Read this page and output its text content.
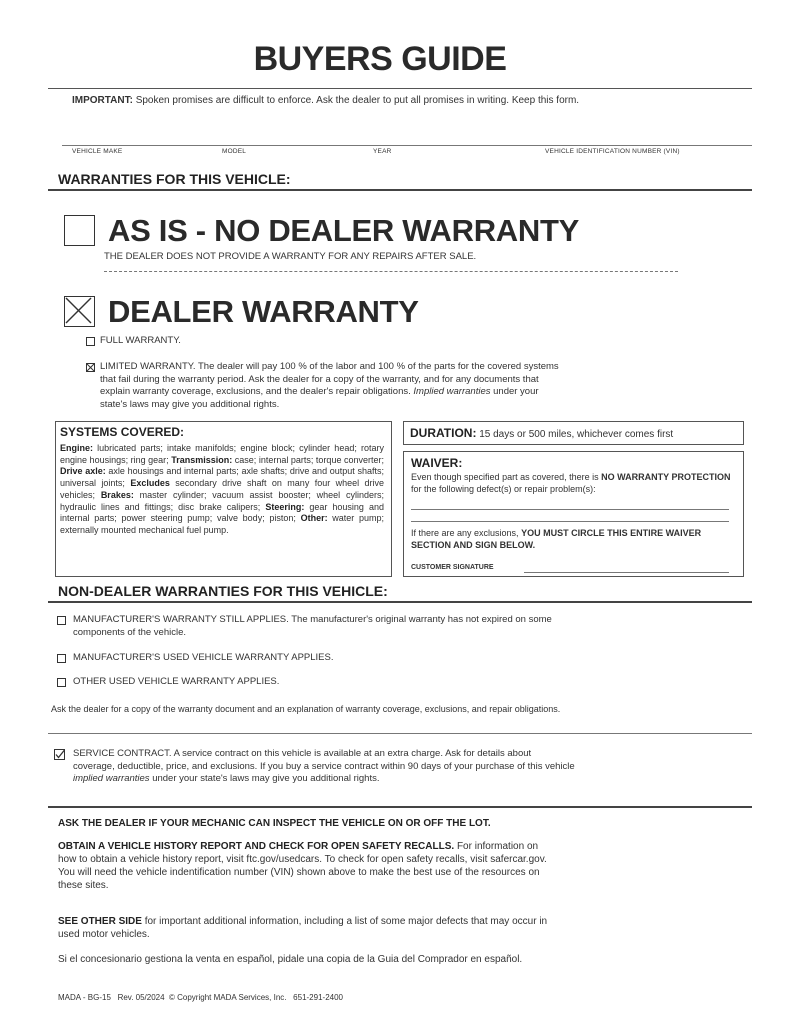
BUYERS GUIDE
IMPORTANT: Spoken promises are difficult to enforce. Ask the dealer to put all promises in writing. Keep this form.
VEHICLE MAKE	MODEL	YEAR	VEHICLE IDENTIFICATION NUMBER (VIN)
WARRANTIES FOR THIS VEHICLE:
AS IS - NO DEALER WARRANTY
THE DEALER DOES NOT PROVIDE A WARRANTY FOR ANY REPAIRS AFTER SALE.
DEALER WARRANTY
FULL WARRANTY.
LIMITED WARRANTY. The dealer will pay 100 % of the labor and 100 % of the parts for the covered systems
that fail during the warranty period. Ask the dealer for a copy of the warranty, and for any documents that
explain warranty coverage, exclusions, and the dealer's repair obligations. Implied warranties under your
state's laws may give you additional rights.
SYSTEMS COVERED:
Engine: lubricated parts; intake manifolds; engine block; cylinder head; rotary engine housings; ring gear; Transmission: case; internal parts; torque converter; Drive axle: axle housings and internal parts; axle shafts; drive and output shafts; universal joints; Excludes secondary drive shaft on many four wheel drive vehicles; Brakes: master cylinder; vacuum assist booster; wheel cylinders; hydraulic lines and fittings; disc brake calipers; Steering: gear housing and internal parts; power steering pump; valve body; piston; Other: water pump; externally mounted mechanical fuel pump.
DURATION: 15 days or 500 miles, whichever comes first
WAIVER:
Even though specified part as covered, there is NO WARRANTY PROTECTION for the following defect(s) or repair problem(s):
If there are any exclusions, YOU MUST CIRCLE THIS ENTIRE WAIVER SECTION AND SIGN BELOW.
CUSTOMER SIGNATURE
NON-DEALER WARRANTIES FOR THIS VEHICLE:
MANUFACTURER'S WARRANTY STILL APPLIES. The manufacturer's original warranty has not expired on some
components of the vehicle.
MANUFACTURER'S USED VEHICLE WARRANTY APPLIES.
OTHER USED VEHICLE WARRANTY APPLIES.
Ask the dealer for a copy of the warranty document and an explanation of warranty coverage, exclusions, and repair obligations.
SERVICE CONTRACT. A service contract on this vehicle is available at an extra charge. Ask for details about
coverage, deductible, price, and exclusions. If you buy a service contract within 90 days of your purchase of this vehicle
implied warranties under your state's laws may give you additional rights.
ASK THE DEALER IF YOUR MECHANIC CAN INSPECT THE VEHICLE ON OR OFF THE LOT.
OBTAIN A VEHICLE HISTORY REPORT AND CHECK FOR OPEN SAFETY RECALLS. For information on
how to obtain a vehicle history report, visit ftc.gov/usedcars. To check for open safety recalls, visit safercar.gov.
You will need the vehicle indentification number (VIN) shown above to make the best use of the resources on
these sites.
SEE OTHER SIDE for important additional information, including a list of some major defects that may occur in
used motor vehicles.
Si el concesionario gestiona la venta en español, pidale una copia de la Guia del Comprador en español.
MADA - BG-15   Rev. 05/2024  © Copyright MADA Services, Inc.   651-291-2400
